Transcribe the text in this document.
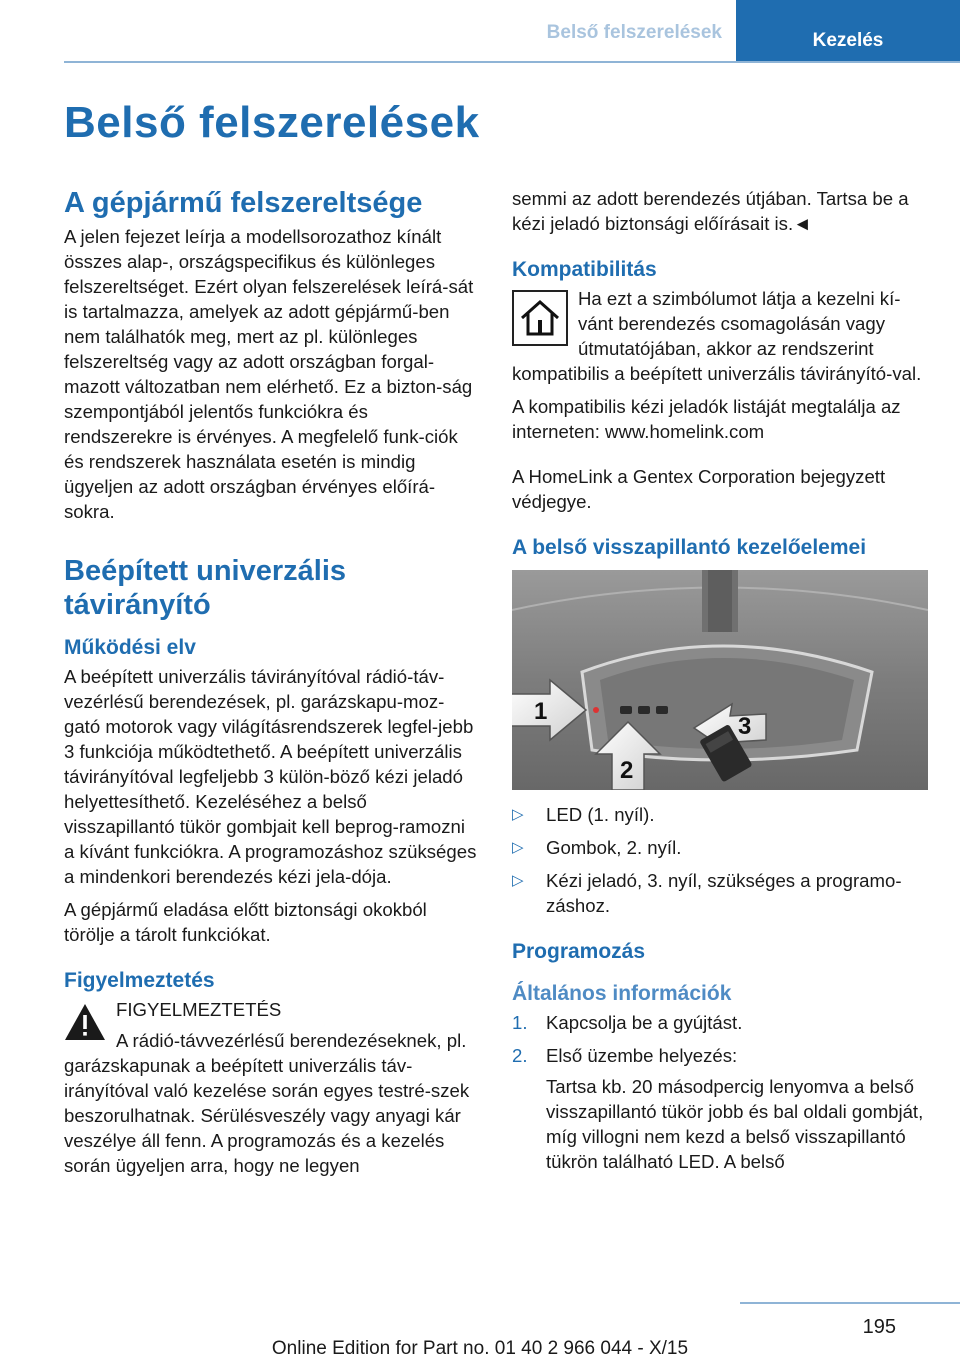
Belső felszerelések	Kezelés
Belső felszerelések
A gépjármű felszereltsége

A jelen fejezet leírja a modellsorozathoz kínált összes alap-, országspecifikus és különleges felszereltséget. Ezért olyan felszerelések leírá-sát is tartalmazza, amelyek az adott gépjármű-ben nem találhatók meg, mert az pl. különleges felszereltség vagy az adott országban forgal-mazott változatban nem elérhető. Ez a bizton-ság szempontjából jelentős funkciókra és rendszerekre is érvényes. A megfelelő funk-ciók és rendszerek használata esetén is mindig ügyeljen az adott országban érvényes előírá-sokra.

Beépített univerzális távirányító
Működési elv

A beépített univerzális távirányítóval rádió-táv-vezérlésű berendezések, pl. garázskapu-moz-gató motorok vagy világításrendszerek legfel-jebb 3 funkciója működtethető. A beépített univerzális távirányítóval legfeljebb 3 külön-böző kézi jeladó helyettesíthető. Kezeléséhez a belső visszapillantó tükör gombjait kell beprog-ramozni a kívánt funkciókra. A programozáshoz szükséges a mindenkori berendezés kézi jela-dója.

A gépjármű eladása előtt biztonsági okokból törölje a tárolt funkciókat.

Figyelmeztetés
FIGYELMEZTETÉS

A rádió-távvezérlésű berendezéseknek, pl. garázskapunak a beépített univerzális táv-irányítóval való kezelése során egyes testré-szek beszorulhatnak. Sérülésveszély vagy anyagi kár veszélye áll fenn. A programozás és a kezelés során ügyeljen arra, hogy ne legyen

semmi az adott berendezés útjában. Tartsa be a kézi jeladó biztonsági előírásait is.◄

Kompatibilitás

Ha ezt a szimbólumot látja a kezelni kí-vánt berendezés csomagolásán vagy útmutatójában, akkor az rendszerint kompatibilis a beépített univerzális távirányító-val.

A kompatibilis kézi jeladók listáját megtalálja az interneten: www.homelink.com

A HomeLink a Gentex Corporation bejegyzett védjegye.

A belső visszapillantó kezelőelemei
1
2
3
▷ LED (1. nyíl).
▷ Gombok, 2. nyíl.
▷ Kézi jeladó, 3. nyíl, szükséges a programo-záshoz.
Programozás
Általános információk
1. Kapcsolja be a gyújtást.
2. Első üzembe helyezés:
Tartsa kb. 20 másodpercig lenyomva a belső visszapillantó tükör jobb és bal oldali gombját, míg villogni nem kezd a belső visszapillantó tükrön található LED. A belső
195
Online Edition for Part no. 01 40 2 966 044 - X/15
